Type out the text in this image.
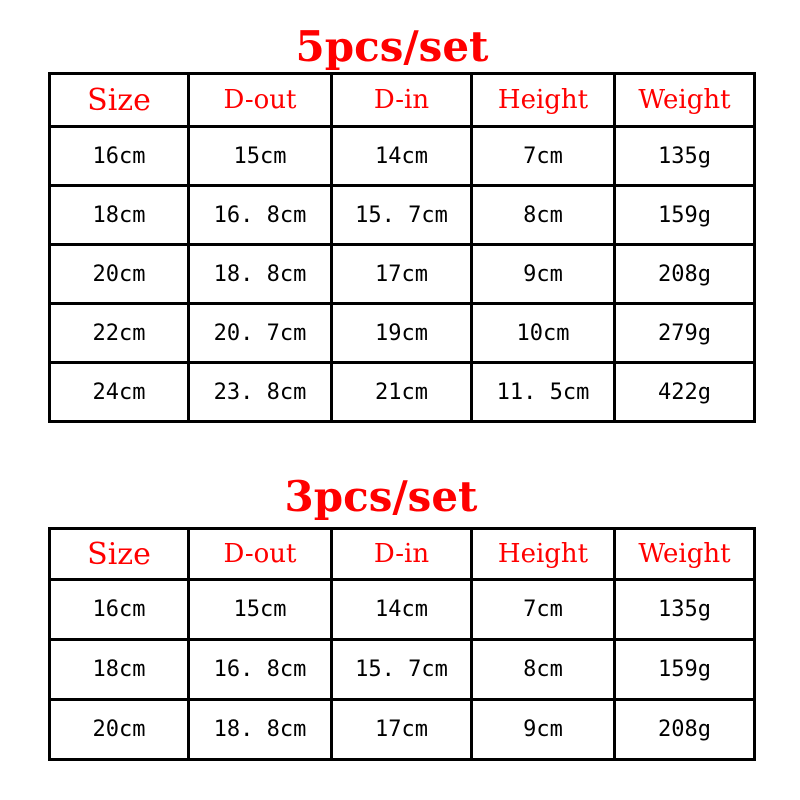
5pcs/set
Size	D-out	D-in	Height	Weight
16cm	15cm	14cm	7cm	135g
18cm	16. 8cm	15. 7cm	8cm	159g
20cm	18. 8cm	17cm	9cm	208g
22cm	20. 7cm	19cm	10cm	279g
24cm	23. 8cm	21cm	11. 5cm	422g
3pcs/set
Size	D-out	D-in	Height	Weight
16cm	15cm	14cm	7cm	135g
18cm	16. 8cm	15. 7cm	8cm	159g
20cm	18. 8cm	17cm	9cm	208g
